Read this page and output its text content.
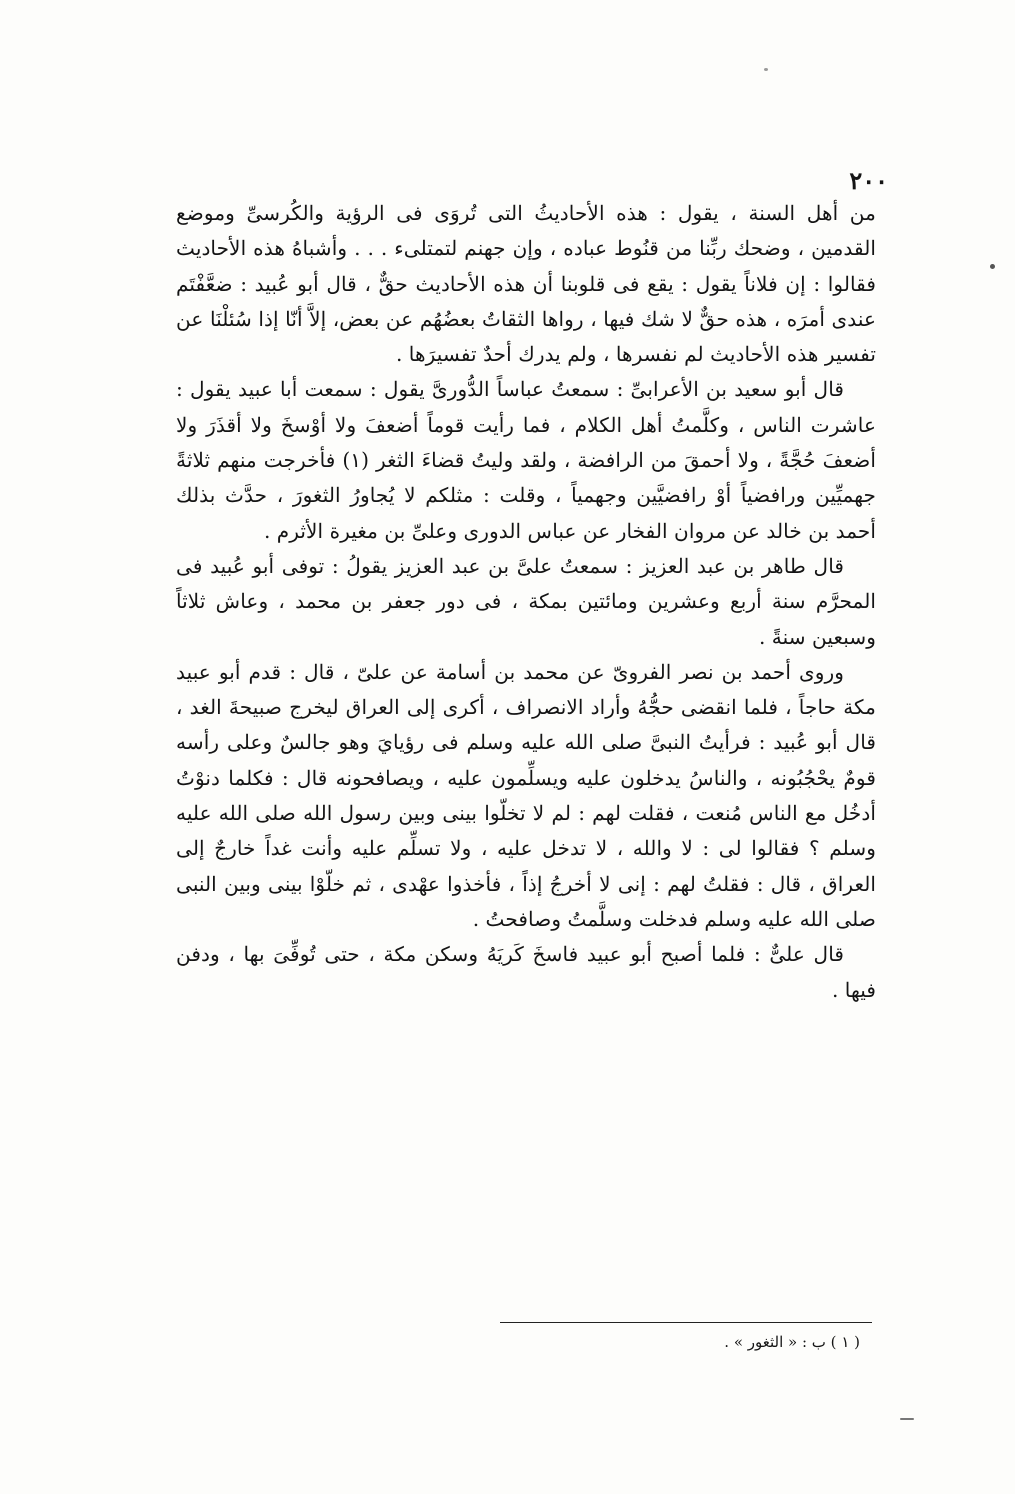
٢٠٠

من أهل السنة ، يقول : هذه الأحاديثُ التى تُروَى فى الرؤية والكُرسىِّ وموضع القدمين ، وضحك ربِّنا من قنُوط عباده ، وإن جهنم لتمتلىء . . . وأشباهُ هذه الأحاديث فقالوا : إن فلاناً يقول : يقع فى قلوبنا أن هذه الأحاديث حقٌّ ، قال أبو عُبيد : ضعَّفْتَم عندى أمرَه ، هذه حقٌّ لا شك فيها ، رواها الثقاتُ بعضُهُم عن بعض، إلاَّ أنّا إذا سُئلْنَا عن تفسير هذه الأحاديث لم نفسرها ، ولم يدرك أحدٌ تفسيرَها .

قال أبو سعيد بن الأعرابىِّ : سمعتُ عباساً الدُّورىَّ يقول : سمعت أبا عبيد يقول : عاشرت الناس ، وكلَّمتُ أهل الكلام ، فما رأيت قوماً أضعفَ ولا أوْسخَ ولا أقذَرَ ولا أضعفَ حُجَّةً ، ولا أحمقَ من الرافضة ، ولقد وليتُ قضاءَ الثغر (١) فأخرجت منهم ثلاثةً جهميِّين ورافضياً أوْ رافضيَّين وجهمياً ، وقلت : مثلكم لا يُجاورُ الثغورَ ، حدَّث بذلك أحمد بن خالد عن مروان الفخار عن عباس الدورى وعلىِّ بن مغيرة الأثرم .

قال طاهر بن عبد العزيز : سمعتُ علىَّ بن عبد العزيز يقولُ : توفى أبو عُبيد فى المحرَّم سنة أربع وعشرين ومائتين بمكة ، فى دور جعفر بن محمد ، وعاش ثلاثاً وسبعين سنةً .

وروى أحمد بن نصر الفروىّ عن محمد بن أسامة عن علىّ ، قال : قدم أبو عبيد مكة حاجاً ، فلما انقضى حجُّهُ وأراد الانصراف ، أكرى إلى العراق ليخرج صبيحةَ الغد ، قال أبو عُبيد : فرأيتُ النبىَّ صلى الله عليه وسلم فى رؤيايَ وهو جالسٌ وعلى رأسه قومٌ يحْجُبُونه ، والناسُ يدخلون عليه ويسلِّمون عليه ، ويصافحونه قال : فكلما دنوْتُ أدخُل مع الناس مُنعت ، فقلت لهم : لم لا تخلّوا بينى وبين رسول الله صلى الله عليه وسلم ؟ فقالوا لى : لا والله ، لا تدخل عليه ، ولا تسلِّم عليه وأنت غداً خارجٌ إلى العراق ، قال : فقلتُ لهم : إنى لا أخرجُ إذاً ، فأخذوا عهْدى ، ثم خلّوْا بينى وبين النبى صلى الله عليه وسلم فدخلت وسلَّمتُ وصافحتُ .

قال علىٌّ : فلما أصبح أبو عبيد فاسخَ كَريَهُ وسكن مكة ، حتى تُوفِّىَ بها ، ودفن فيها .

( ١ ) ب : « الثغور » .
